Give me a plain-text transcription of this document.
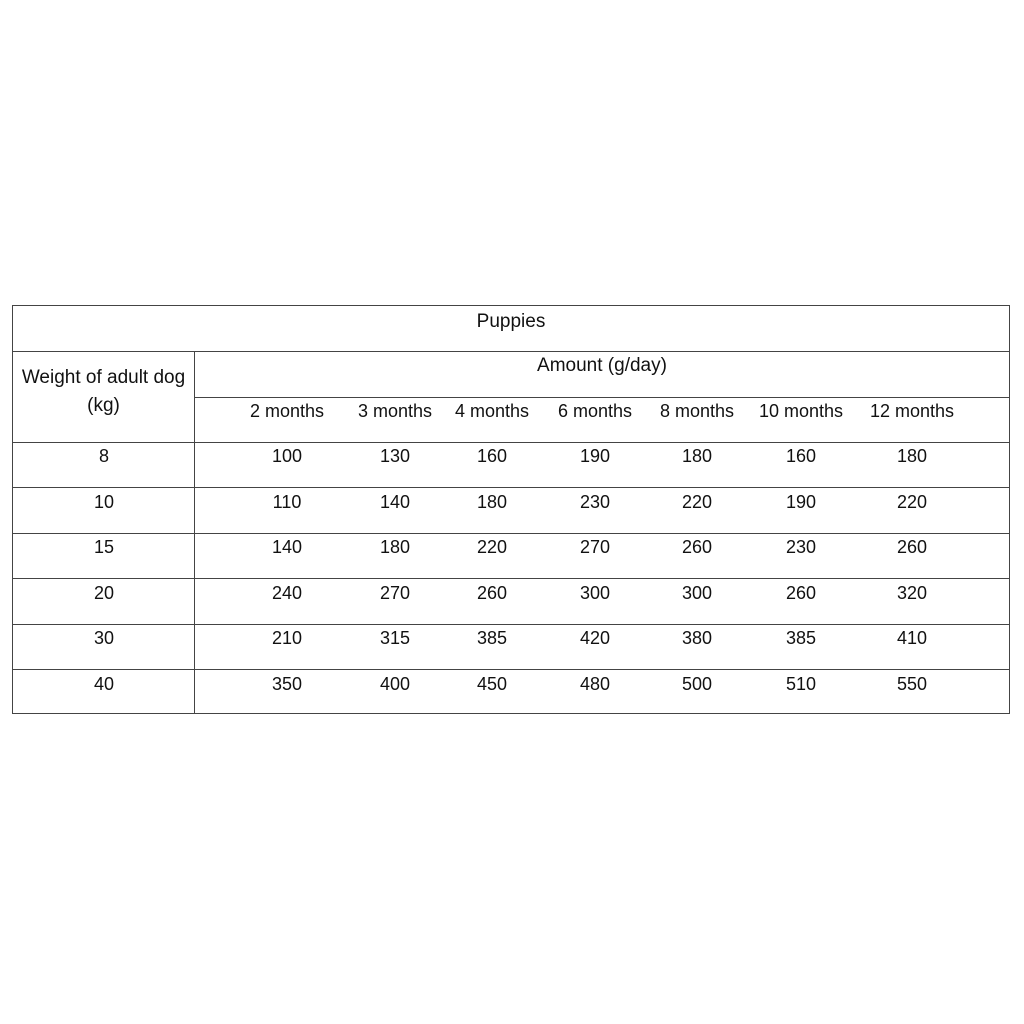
Puppies
Weight of adult dog (kg)
Amount (g/day)
2 months 3 months 4 months 6 months 8 months 10 months 12 months
8	100	130	160	190	180	160	180
10	110	140	180	230	220	190	220
15	140	180	220	270	260	230	260
20	240	270	260	300	300	260	320
30	210	315	385	420	380	385	410
40	350	400	450	480	500	510	550
